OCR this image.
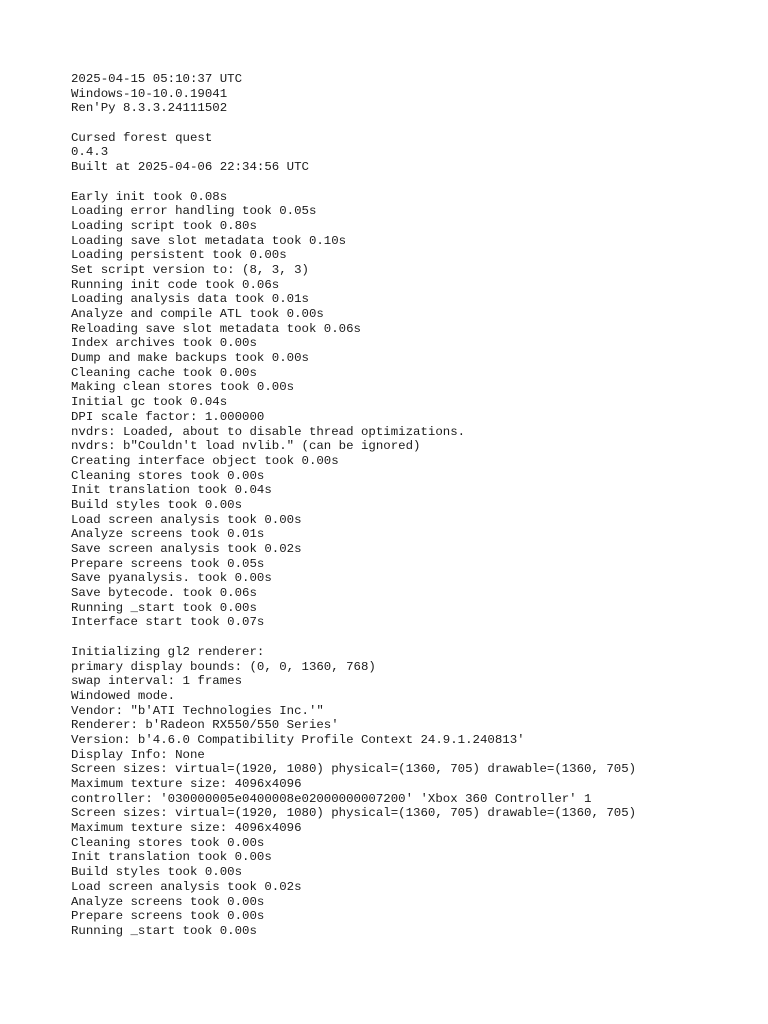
2025-04-15 05:10:37 UTC
Windows-10-10.0.19041
Ren'Py 8.3.3.24111502
Cursed forest quest
0.4.3
Built at 2025-04-06 22:34:56 UTC
Early init took 0.08s
Loading error handling took 0.05s
Loading script took 0.80s
Loading save slot metadata took 0.10s
Loading persistent took 0.00s
Set script version to: (8, 3, 3)
Running init code took 0.06s
Loading analysis data took 0.01s
Analyze and compile ATL took 0.00s
Reloading save slot metadata took 0.06s
Index archives took 0.00s
Dump and make backups took 0.00s
Cleaning cache took 0.00s
Making clean stores took 0.00s
Initial gc took 0.04s
DPI scale factor: 1.000000
nvdrs: Loaded, about to disable thread optimizations.
nvdrs: b"Couldn't load nvlib." (can be ignored)
Creating interface object took 0.00s
Cleaning stores took 0.00s
Init translation took 0.04s
Build styles took 0.00s
Load screen analysis took 0.00s
Analyze screens took 0.01s
Save screen analysis took 0.02s
Prepare screens took 0.05s
Save pyanalysis. took 0.00s
Save bytecode. took 0.06s
Running _start took 0.00s
Interface start took 0.07s
Initializing gl2 renderer:
primary display bounds: (0, 0, 1360, 768)
swap interval: 1 frames
Windowed mode.
Vendor: "b'ATI Technologies Inc.'"
Renderer: b'Radeon RX550/550 Series'
Version: b'4.6.0 Compatibility Profile Context 24.9.1.240813'
Display Info: None
Screen sizes: virtual=(1920, 1080) physical=(1360, 705) drawable=(1360, 705)
Maximum texture size: 4096x4096
controller: '030000005e0400008e02000000007200' 'Xbox 360 Controller' 1
Screen sizes: virtual=(1920, 1080) physical=(1360, 705) drawable=(1360, 705)
Maximum texture size: 4096x4096
Cleaning stores took 0.00s
Init translation took 0.00s
Build styles took 0.00s
Load screen analysis took 0.02s
Analyze screens took 0.00s
Prepare screens took 0.00s
Running _start took 0.00s
